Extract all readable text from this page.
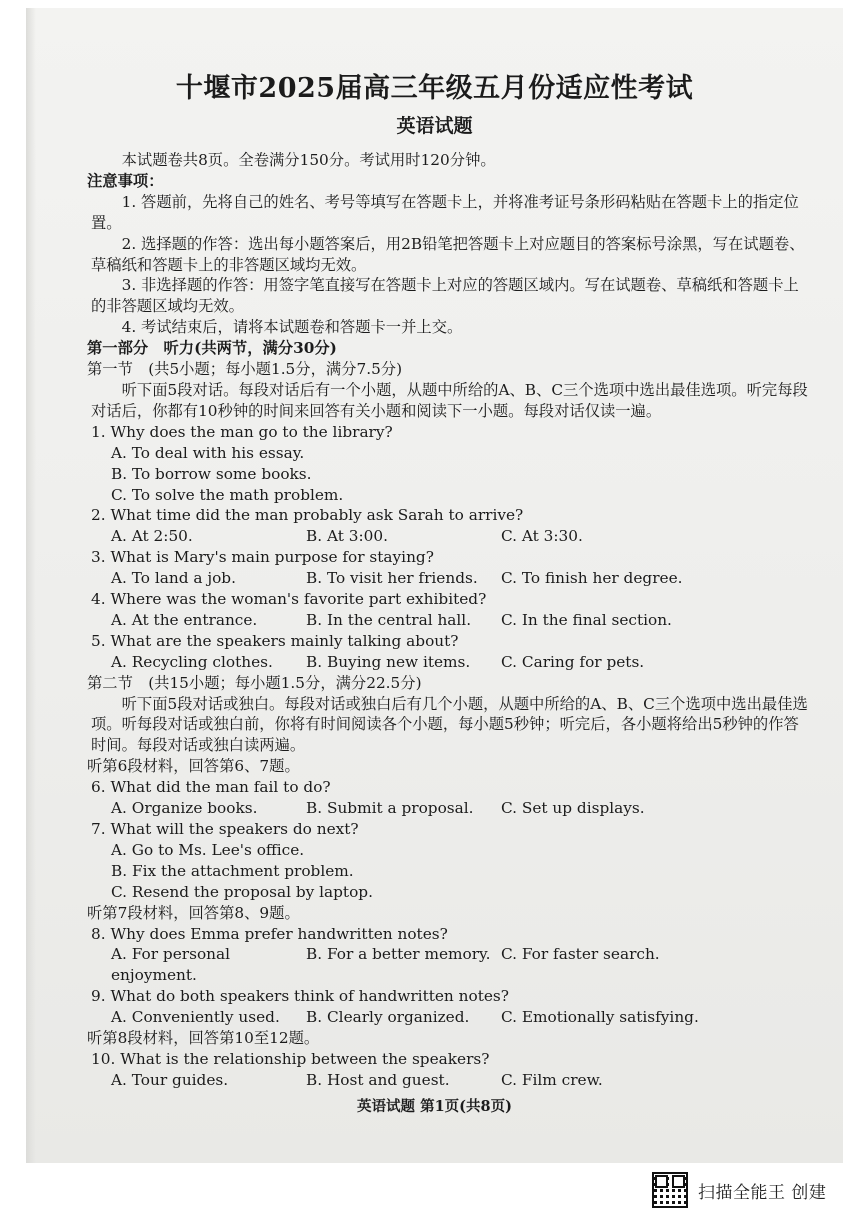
十堰市2025届高三年级五月份适应性考试
英语试题

本试题卷共8页。全卷满分150分。考试用时120分钟。

注意事项：

1. 答题前，先将自己的姓名、考号等填写在答题卡上，并将准考证号条形码粘贴在答题卡上的指定位置。

2. 选择题的作答：选出每小题答案后，用2B铅笔把答题卡上对应题目的答案标号涂黑，写在试题卷、草稿纸和答题卡上的非答题区域均无效。

3. 非选择题的作答：用签字笔直接写在答题卡上对应的答题区域内。写在试题卷、草稿纸和答题卡上的非答题区域均无效。

4. 考试结束后，请将本试题卷和答题卡一并上交。

第一部分　听力(共两节，满分30分)

第一节　(共5小题；每小题1.5分，满分7.5分)

听下面5段对话。每段对话后有一个小题，从题中所给的A、B、C三个选项中选出最佳选项。听完每段对话后，你都有10秒钟的时间来回答有关小题和阅读下一小题。每段对话仅读一遍。

1. Why does the man go to the library?

A. To deal with his essay.

B. To borrow some books.

C. To solve the math problem.

2. What time did the man probably ask Sarah to arrive?

A. At 2:50.	B. At 3:00.	C. At 3:30.

3. What is Mary's main purpose for staying?

A. To land a job.	B. To visit her friends.	C. To finish her degree.

4. Where was the woman's favorite part exhibited?

A. At the entrance.	B. In the central hall.	C. In the final section.

5. What are the speakers mainly talking about?

A. Recycling clothes.	B. Buying new items.	C. Caring for pets.

第二节　(共15小题；每小题1.5分，满分22.5分)

听下面5段对话或独白。每段对话或独白后有几个小题，从题中所给的A、B、C三个选项中选出最佳选项。听每段对话或独白前，你将有时间阅读各个小题，每小题5秒钟；听完后，各小题将给出5秒钟的作答时间。每段对话或独白读两遍。

听第6段材料，回答第6、7题。

6. What did the man fail to do?

A. Organize books.	B. Submit a proposal.	C. Set up displays.

7. What will the speakers do next?

A. Go to Ms. Lee's office.

B. Fix the attachment problem.

C. Resend the proposal by laptop.

听第7段材料，回答第8、9题。

8. Why does Emma prefer handwritten notes?

A. For personal enjoyment.
B. For a better memory. C. For faster search.

9. What do both speakers think of handwritten notes?

A. Conveniently used.	B. Clearly organized.	C. Emotionally satisfying.

听第8段材料，回答第10至12题。

10. What is the relationship between the speakers?

A. Tour guides.	B. Host and guest.	C. Film crew.
英语试题 第1页(共8页)
扫描全能王 创建
